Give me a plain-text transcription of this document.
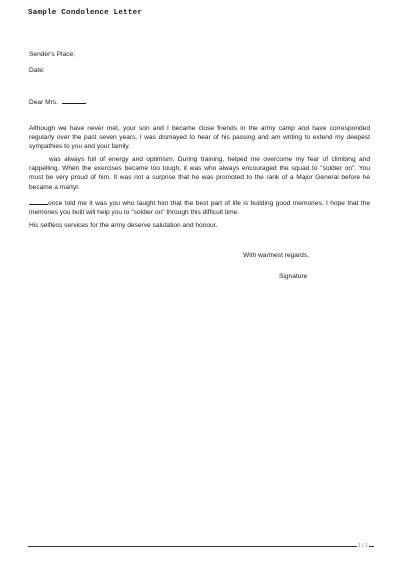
Sample Condolence Letter
Sender's Place;
Date:
Dear Mrs.
Although we have never met, your son and I became close friends in the army camp and have corresponded regularly over the past seven years. I was dismayed to hear of his passing and am writing to extend my deepest sympathies to you and your family.
was always full of energy and optimism. During training, helped me overcome my fear of climbing and rappelling. When the exercises became too tough, it was who always encouraged the squad to "soldier on". You must be very proud of him. It was not a surprise that he was promoted to the rank of a Major General before he became a martyr.
once told me it was you who taught him that the best part of life is building good memories. I hope that the memories you built will help you to "soldier on" through this difficult time.
His selfless services for the army deserve salutation and honour.
With warmest regards,
Signature
1 / 1
